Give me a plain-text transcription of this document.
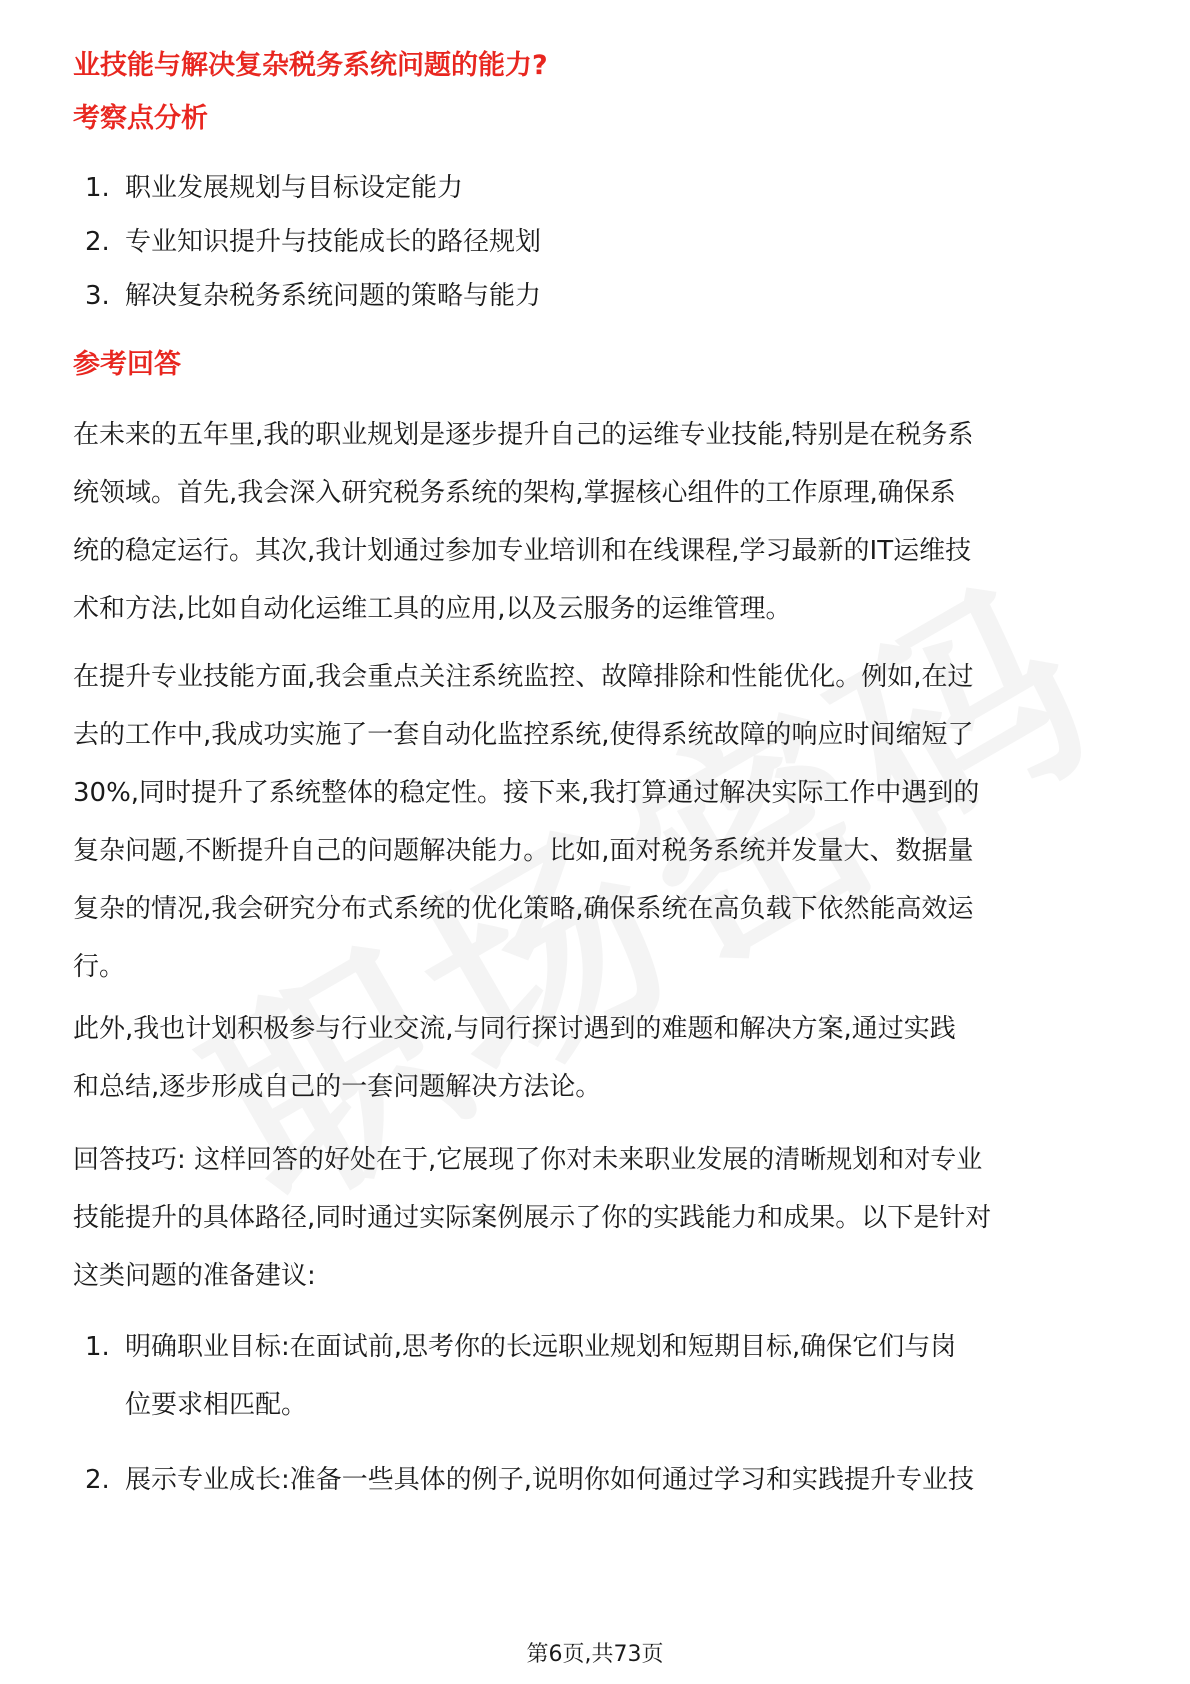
业技能与解决复杂税务系统问题的能力?
考察点分析
1. 职业发展规划与目标设定能力
2. 专业知识提升与技能成长的路径规划
3. 解决复杂税务系统问题的策略与能力
参考回答
在未来的五年里,我的职业规划是逐步提升自己的运维专业技能,特别是在税务系
统领域。首先,我会深入研究税务系统的架构,掌握核心组件的工作原理,确保系
统的稳定运行。其次,我计划通过参加专业培训和在线课程,学习最新的IT运维技
术和方法,比如自动化运维工具的应用,以及云服务的运维管理。
在提升专业技能方面,我会重点关注系统监控、故障排除和性能优化。例如,在过
去的工作中,我成功实施了一套自动化监控系统,使得系统故障的响应时间缩短了
30%,同时提升了系统整体的稳定性。接下来,我打算通过解决实际工作中遇到的
复杂问题,不断提升自己的问题解决能力。比如,面对税务系统并发量大、数据量
复杂的情况,我会研究分布式系统的优化策略,确保系统在高负载下依然能高效运
行。
此外,我也计划积极参与行业交流,与同行探讨遇到的难题和解决方案,通过实践
和总结,逐步形成自己的一套问题解决方法论。
回答技巧: 这样回答的好处在于,它展现了你对未来职业发展的清晰规划和对专业
技能提升的具体路径,同时通过实际案例展示了你的实践能力和成果。以下是针对
这类问题的准备建议:
1. 明确职业目标:在面试前,思考你的长远职业规划和短期目标,确保它们与岗
位要求相匹配。
2. 展示专业成长:准备一些具体的例子,说明你如何通过学习和实践提升专业技
第6页,共73页
